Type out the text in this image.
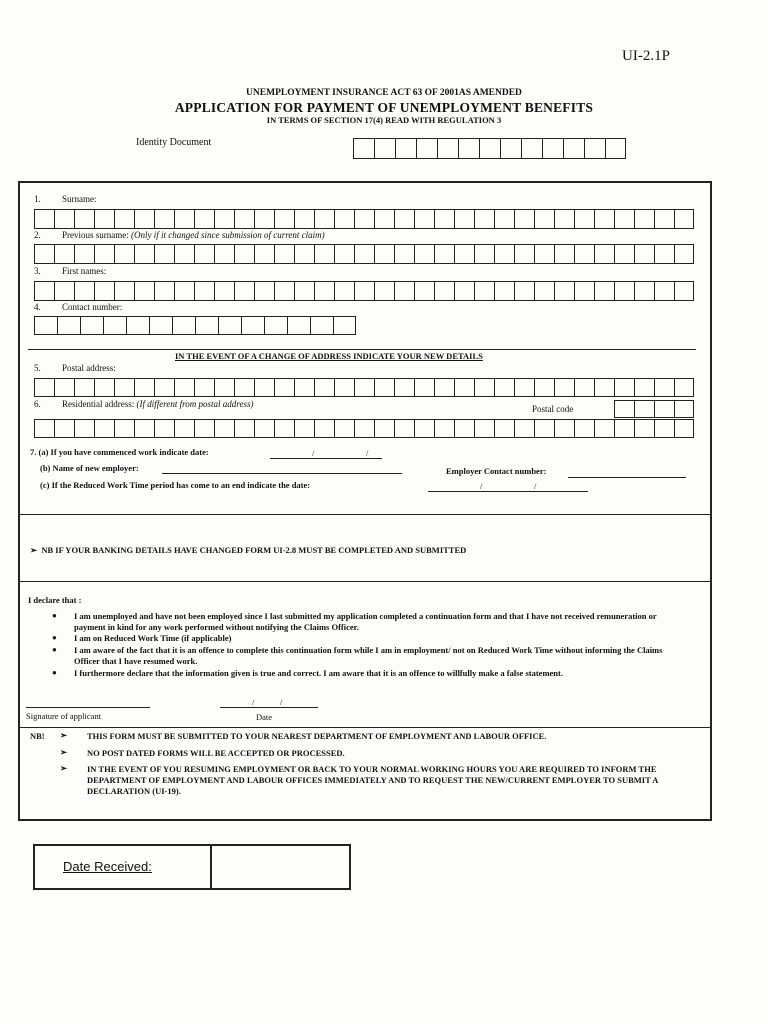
UI-2.1P
UNEMPLOYMENT INSURANCE ACT 63 OF 2001AS AMENDED
APPLICATION FOR PAYMENT OF UNEMPLOYMENT BENEFITS
IN TERMS OF SECTION 17(4) READ WITH REGULATION 3
Identity Document
1. Surname:
2. Previous surname: (Only if it changed since submission of current claim)
3. First names:
4. Contact number:
IN THE EVENT OF A CHANGE OF ADDRESS INDICATE YOUR NEW DETAILS
5. Postal address:
6. Residential address: (If different from postal address)	Postal code
7. (a) If you have commenced work indicate date:	/	/
(b) Name of new employer:	Employer Contact number:
(c) If the Reduced Work Time period has come to an end indicate the date:	/	/
➢ NB IF YOUR BANKING DETAILS HAVE CHANGED FORM UI-2.8 MUST BE COMPLETED AND SUBMITTED
I declare that :
● I am unemployed and have not been employed since I last submitted my application completed a continuation form and that I have not received remuneration or payment in kind for any work performed without notifying the Claims Officer.
● I am on Reduced Work Time (if applicable)
● I am aware of the fact that it is an offence to complete this continuation form while I am in employment/ not on Reduced Work Time without informing the Claims Officer that I have resumed work.
● I furthermore declare that the information given is true and correct. I am aware that it is an offence to willfully make a false statement.
Signature of applicant
/	/
Date
NB! ➢ THIS FORM MUST BE SUBMITTED TO YOUR NEAREST DEPARTMENT OF EMPLOYMENT AND LABOUR OFFICE.
➢ NO POST DATED FORMS WILL BE ACCEPTED OR PROCESSED.
➢ IN THE EVENT OF YOU RESUMING EMPLOYMENT OR BACK TO YOUR NORMAL WORKING HOURS YOU ARE REQUIRED TO INFORM THE DEPARTMENT OF EMPLOYMENT AND LABOUR OFFICES IMMEDIATELY AND TO REQUEST THE NEW/CURRENT EMPLOYER TO SUBMIT A DECLARATION (UI-19).
Date Received:
